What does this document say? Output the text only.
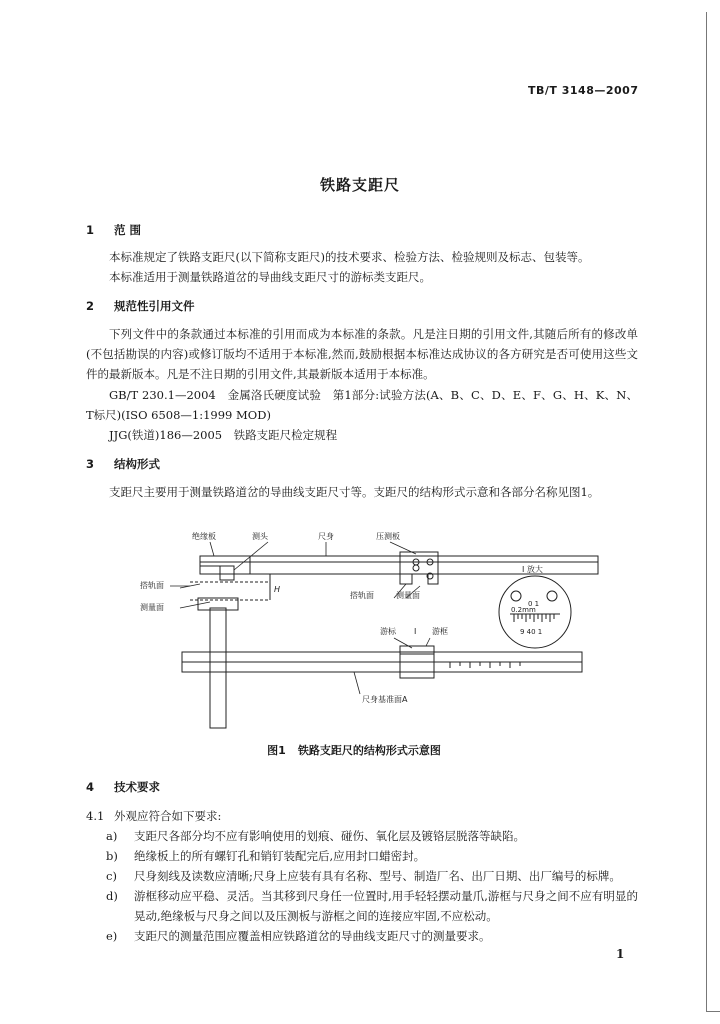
TB/T 3148—2007
铁路支距尺
1 范 围
本标准规定了铁路支距尺(以下简称支距尺)的技术要求、检验方法、检验规则及标志、包装等。
本标准适用于测量铁路道岔的导曲线支距尺寸的游标类支距尺。
2 规范性引用文件
下列文件中的条款通过本标准的引用而成为本标准的条款。凡是注日期的引用文件,其随后所有的修改单(不包括勘误的内容)或修订版均不适用于本标准,然而,鼓励根据本标准达成协议的各方研究是否可使用这些文件的最新版本。凡是不注日期的引用文件,其最新版本适用于本标准。
GB/T 230.1—2004　金属洛氏硬度试验　第1部分:试验方法(A、B、C、D、E、F、G、H、K、N、T标尺)(ISO 6508—1:1999 MOD)
JJG(铁道)186—2005　铁路支距尺检定规程
3 结构形式
支距尺主要用于测量铁路道岔的导曲线支距尺寸等。支距尺的结构形式示意和各部分名称见图1。
绝缘板	测头	尺身	压测板
搭轨面
测量面
H
搭轨面	测量面
游标 I 游框
尺身基准面A
I 放大
0.2mm
0 1
9 40 1
图1 铁路支距尺的结构形式示意图
4 技术要求
4.1 外观应符合如下要求:
a) 支距尺各部分均不应有影响使用的划痕、碰伤、氧化层及镀铬层脱落等缺陷。
b) 绝缘板上的所有螺钉孔和销钉装配完后,应用封口蜡密封。
c) 尺身刻线及读数应清晰;尺身上应装有具有名称、型号、制造厂名、出厂日期、出厂编号的标牌。
d)	游框移动应平稳、灵活。当其移到尺身任一位置时,用手轻轻摆动量爪,游框与尺身之间不应有明显的晃动,绝缘板与尺身之间以及压测板与游框之间的连接应牢固,不应松动。
e) 支距尺的测量范围应覆盖相应铁路道岔的导曲线支距尺寸的测量要求。
1
